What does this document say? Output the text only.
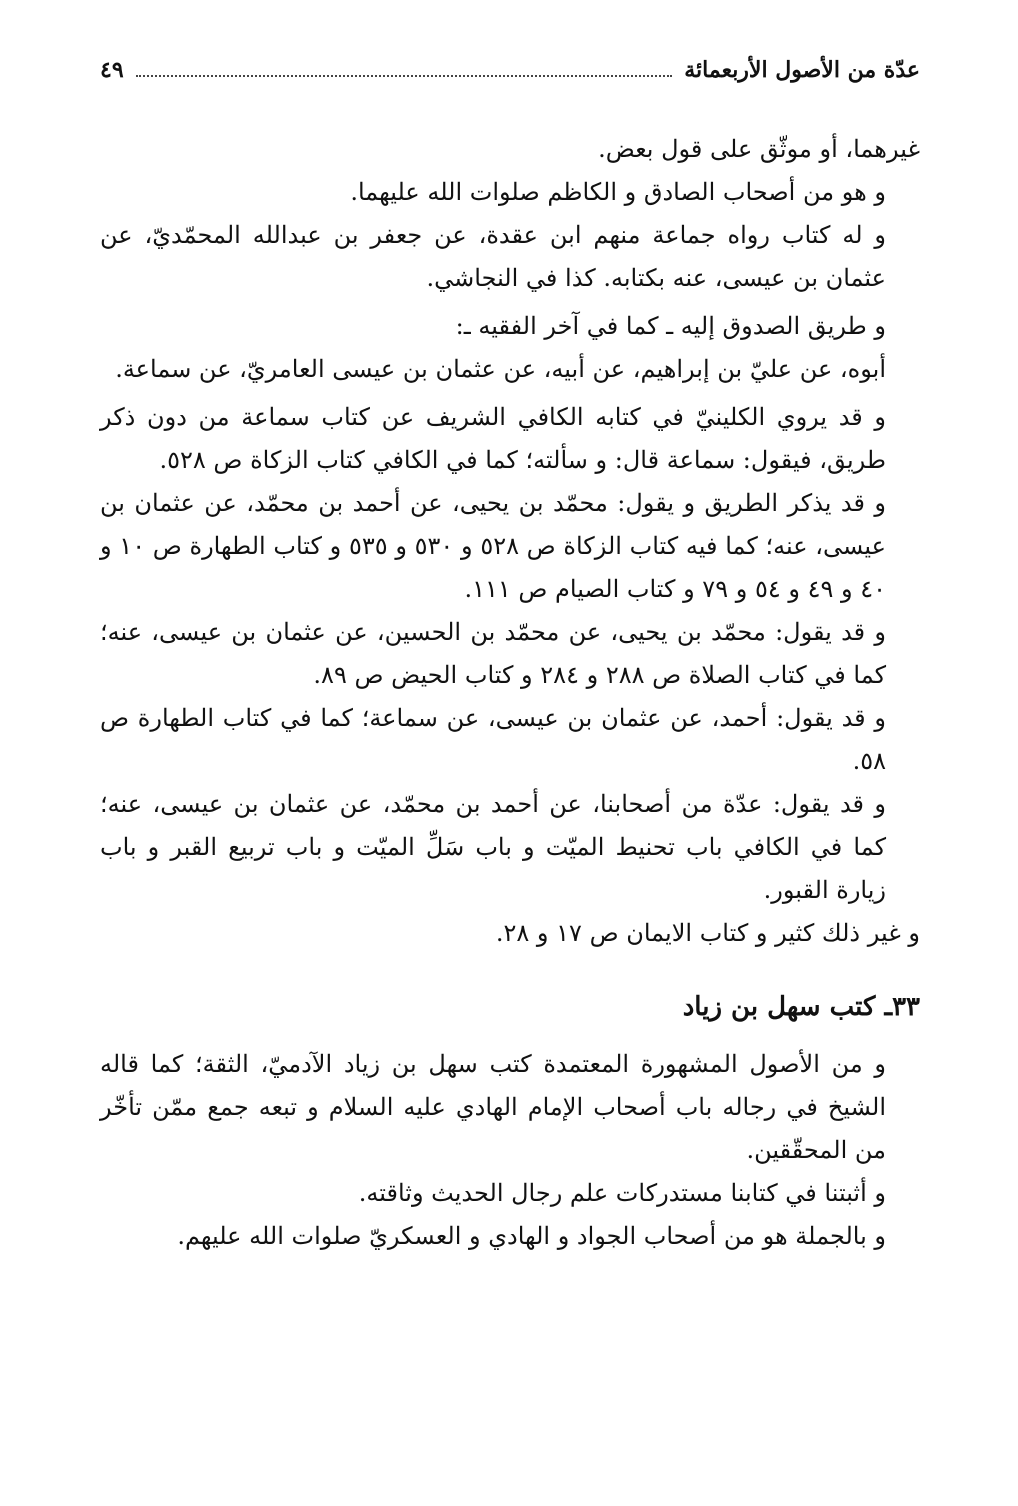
عدّة من الأصول الأربعمائة
٤٩

غيرهما، أو موثّق على قول بعض.

و هو من أصحاب الصادق و الكاظم صلوات الله عليهما.

و له كتاب رواه جماعة منهم ابن عقدة، عن جعفر بن عبدالله المحمّديّ، عن عثمان بن عيسى، عنه بكتابه. كذا في النجاشي.

و طريق الصدوق إليه ـ كما في آخر الفقيه ـ:

أبوه، عن عليّ بن إبراهيم، عن أبيه، عن عثمان بن عيسى العامريّ، عن سماعة.

و قد يروي الكلينيّ في كتابه الكافي الشريف عن كتاب سماعة من دون ذكر طريق، فيقول: سماعة قال: و سألته؛ كما في الكافي كتاب الزكاة ص ٥٢٨.

و قد يذكر الطريق و يقول: محمّد بن يحيى، عن أحمد بن محمّد، عن عثمان بن عيسى، عنه؛ كما فيه كتاب الزكاة ص ٥٢٨ و ٥٣٠ و ٥٣٥ و كتاب الطهارة ص ١٠ و ٤٠ و ٤٩ و ٥٤ و ٧٩ و كتاب الصيام ص ١١١.

و قد يقول: محمّد بن يحيى، عن محمّد بن الحسين، عن عثمان بن عيسى، عنه؛ كما في كتاب الصلاة ص ٢٨٨ و ٢٨٤ و كتاب الحيض ص ٨٩.

و قد يقول: أحمد، عن عثمان بن عيسى، عن سماعة؛ كما في كتاب الطهارة ص ٥٨.

و قد يقول: عدّة من أصحابنا، عن أحمد بن محمّد، عن عثمان بن عيسى، عنه؛ كما في الكافي باب تحنيط الميّت و باب سَلِّ الميّت و باب تربيع القبر و باب زيارة القبور.

و غير ذلك كثير و كتاب الايمان ص ١٧ و ٢٨.

٣٣ـ كتب سهل بن زياد

و من الأصول المشهورة المعتمدة كتب سهل بن زياد الآدميّ، الثقة؛ كما قاله الشيخ في رجاله باب أصحاب الإمام الهادي عليه السلام و تبعه جمع ممّن تأخّر من المحقّقين.

و أثبتنا في كتابنا مستدركات علم رجال الحديث وثاقته.

و بالجملة هو من أصحاب الجواد و الهادي و العسكريّ صلوات الله عليهم.
